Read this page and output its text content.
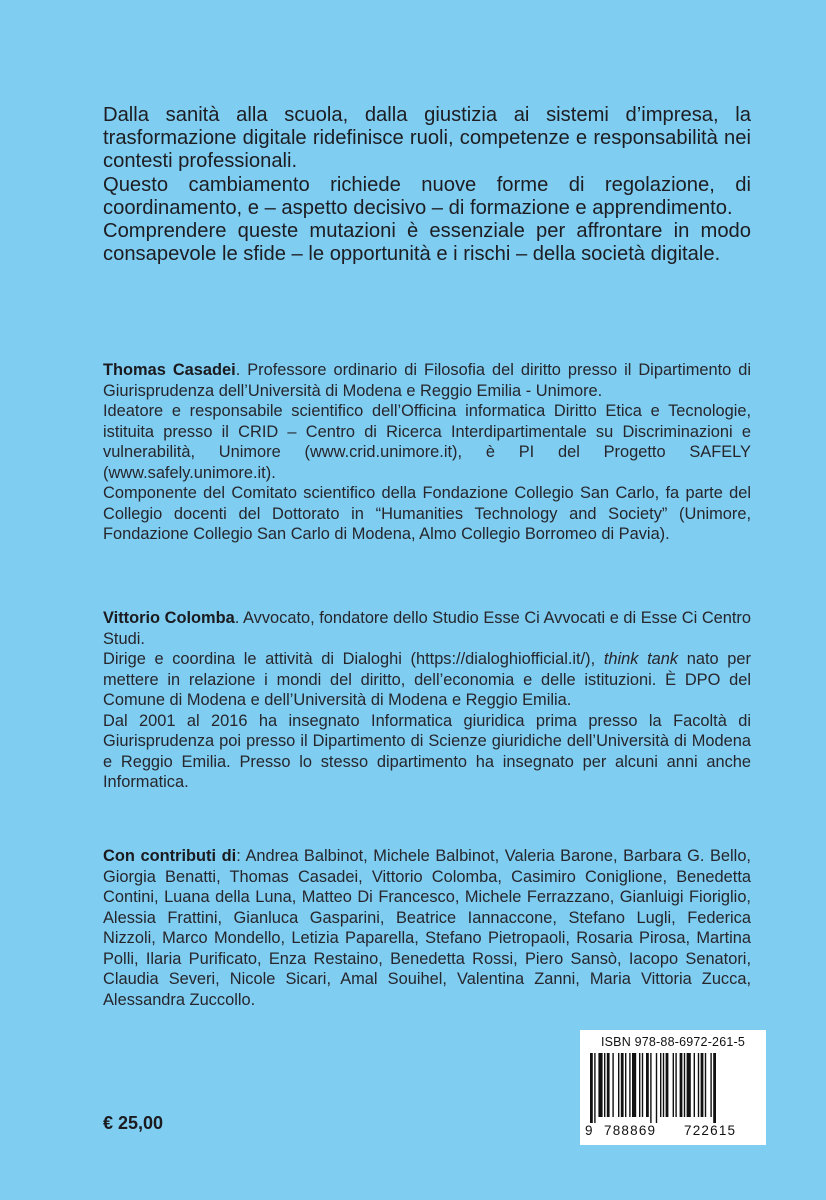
Dalla sanità alla scuola, dalla giustizia ai sistemi d’impresa, la trasformazione digitale ridefinisce ruoli, competenze e responsabilità nei contesti professionali.

Questo cambiamento richiede nuove forme di regolazione, di coordinamento, e – aspetto decisivo – di formazione e apprendimento.

Comprendere queste mutazioni è essenziale per affrontare in modo consapevole le sfide – le opportunità e i rischi – della società digitale.

Thomas Casadei. Professore ordinario di Filosofia del diritto presso il Dipartimento di Giurisprudenza dell’Università di Modena e Reggio Emilia - Unimore.

Ideatore e responsabile scientifico dell’Officina informatica Diritto Etica e Tecnologie, istituita presso il CRID – Centro di Ricerca Interdipartimentale su Discriminazioni e vulnerabilità, Unimore (www.crid.unimore.it), è PI del Progetto SAFELY (www.safely.unimore.it).

Componente del Comitato scientifico della Fondazione Collegio San Carlo, fa parte del Collegio docenti del Dottorato in “Humanities Technology and Society” (Unimore, Fondazione Collegio San Carlo di Modena, Almo Collegio Borromeo di Pavia).

Vittorio Colomba. Avvocato, fondatore dello Studio Esse Ci Avvocati e di Esse Ci Centro Studi.

Dirige e coordina le attività di Dialoghi (https://dialoghiofficial.it/), think tank nato per mettere in relazione i mondi del diritto, dell’economia e delle istituzioni. È DPO del Comune di Modena e dell’Università di Modena e Reggio Emilia.

Dal 2001 al 2016 ha insegnato Informatica giuridica prima presso la Facoltà di Giurisprudenza poi presso il Dipartimento di Scienze giuridiche dell’Università di Modena e Reggio Emilia. Presso lo stesso dipartimento ha insegnato per alcuni anni anche Informatica.

Con contributi di: Andrea Balbinot, Michele Balbinot, Valeria Barone, Barbara G. Bello, Giorgia Benatti, Thomas Casadei, Vittorio Colomba, Casimiro Coniglione, Benedetta Contini, Luana della Luna, Matteo Di Francesco, Michele Ferrazzano, Gianluigi Fioriglio, Alessia Frattini, Gianluca Gasparini, Beatrice Iannaccone, Stefano Lugli, Federica Nizzoli, Marco Mondello, Letizia Paparella, Stefano Pietropaoli, Rosaria Pirosa, Martina Polli, Ilaria Purificato, Enza Restaino, Benedetta Rossi, Piero Sansò, Iacopo Senatori, Claudia Severi, Nicole Sicari, Amal Souihel, Valentina Zanni, Maria Vittoria Zucca, Alessandra Zuccollo.

€ 25,00
ISBN 978-88-6972-261-5
9 788869 722615
